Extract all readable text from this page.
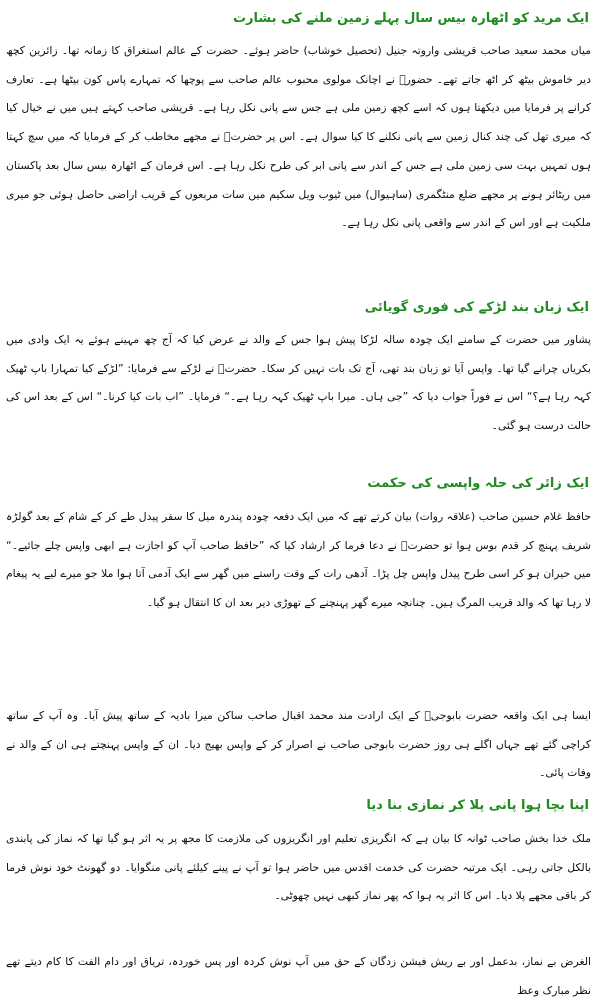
ایک مرید کو اٹھارہ بیس سال پہلے زمین ملنے کی بشارت

میاں محمد سعید صاحب قریشی واروتہ جنیل (تحصیل خوشاب) حاضر ہوئے۔ حضرت کے عالم استغراق کا زمانہ تھا۔ زائرین کچھ دیر خاموش بیٹھ کر اٹھ جاتے تھے۔ حضورؒ نے اچانک مولوی محبوب عالم صاحب سے پوچھا کہ تمہارے پاس کون بیٹھا ہے۔ تعارف کرانے پر فرمایا میں دیکھتا ہوں کہ اسے کچھ زمین ملی ہے جس سے پانی نکل رہا ہے۔ قریشی صاحب کہتے ہیں میں نے خیال کیا کہ میری تھل کی چند کنال زمین سے پانی نکلنے کا کیا سوال ہے۔ اس پر حضرتؒ نے مجھے مخاطب کر کے فرمایا کہ میں سچ کہتا ہوں تمہیں بہت سی زمین ملی ہے جس کے اندر سے پانی ابر کی طرح نکل رہا ہے۔ اس فرمان کے اٹھارہ بیس سال بعد پاکستان میں ریٹائر ہونے پر مجھے ضلع منٹگمری (ساہیوال) میں ٹیوب ویل سکیم میں سات مربعوں کے قریب اراضی حاصل ہوئی جو میری ملکیت ہے اور اس کے اندر سے واقعی پانی نکل رہا ہے۔

ایک زبان بند لڑکے کی فوری گویائی

پشاور میں حضرت کے سامنے ایک چودہ سالہ لڑکا پیش ہوا جس کے والد نے عرض کیا کہ آج چھ مہینے ہوئے یہ ایک وادی میں بکریاں چرانے گیا تھا۔ واپس آیا تو زبان بند تھی، آج تک بات نہیں کر سکا۔ حضرتؒ نے لڑکے سے فرمایا: ”لڑکے کیا تمہارا باپ ٹھیک کہہ رہا ہے؟“ اس نے فوراً جواب دیا کہ ”جی ہاں۔ میرا باپ ٹھیک کہہ رہا ہے۔“ فرمایا۔ ”اب بات کیا کرنا۔“ اس کے بعد اس کی حالت درست ہو گئی۔

ایک زائر کی حلہ واپسی کی حکمت

حافظ غلام حسین صاحب (علاقہ روات) بیان کرتے تھے کہ میں ایک دفعہ چودہ پندرہ میل کا سفر پیدل طے کر کے شام کے بعد گولڑہ شریف پہنچ کر قدم بوس ہوا تو حضرتؒ نے دعا فرما کر ارشاد کیا کہ ”حافظ صاحب آپ کو اجازت ہے ابھی واپس چلے جائیے۔“ میں حیران ہو کر اسی طرح پیدل واپس چل پڑا۔ آدھی رات کے وقت راستے میں گھر سے ایک آدمی آتا ہوا ملا جو میرے لیے یہ پیغام لا رہا تھا کہ والد قریب المرگ ہیں۔ چنانچہ میرے گھر پہنچنے کے تھوڑی دیر بعد ان کا انتقال ہو گیا۔

ایسا ہی ایک واقعہ حضرت بابوجیؒ کے ایک ارادت مند محمد اقبال صاحب ساکن میرا بادیہ کے ساتھ پیش آیا۔ وہ آپ کے ساتھ کراچی گئے تھے جہاں اگلے ہی روز حضرت بابوجی صاحب نے اصرار کر کے واپس بھیج دیا۔ ان کے واپس پہنچتے ہی ان کے والد نے وفات پائی۔

اپنا بچا ہوا پانی پلا کر نمازی بنا دیا

ملک خدا بخش صاحب ٹوانہ کا بیان ہے کہ انگریزی تعلیم اور انگریزوں کی ملازمت کا مجھ پر یہ اثر ہو گیا تھا کہ نماز کی پابندی بالکل جاتی رہی۔ ایک مرتبہ حضرت کی خدمت اقدس میں حاضر ہوا تو آپ نے پینے کیلئے پانی منگوایا۔ دو گھونٹ خود نوش فرما کر باقی مجھے پلا دیا۔ اس کا اثر یہ ہوا کہ پھر نماز کبھی نہیں چھوٹی۔

الغرض بے نماز، بدعمل اور بے ریش فیشن زدگان کے حق میں آپ نوش کردہ اور پس خوردہ، تریاق اور دام الفت کا کام دیتے تھے نظر مبارک وعظ
